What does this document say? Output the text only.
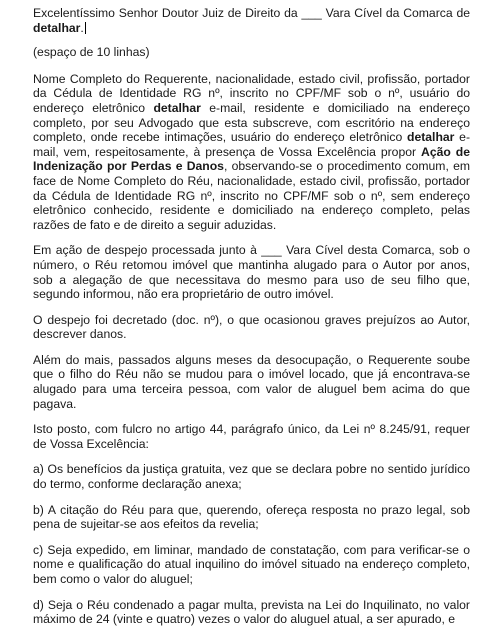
Excelentíssimo Senhor Doutor Juiz de Direito da ___ Vara Cível da Comarca de detalhar.

(espaço de 10 linhas)

Nome Completo do Requerente, nacionalidade, estado civil, profissão, portador da Cédula de Identidade RG nº, inscrito no CPF/MF sob o nº, usuário do endereço eletrônico detalhar e-mail, residente e domiciliado na endereço completo, por seu Advogado que esta subscreve, com escritório na endereço completo, onde recebe intimações, usuário do endereço eletrônico detalhar e-mail, vem, respeitosamente, à presença de Vossa Excelência propor Ação de Indenização por Perdas e Danos, observando-se o procedimento comum, em face de Nome Completo do Réu, nacionalidade, estado civil, profissão, portador da Cédula de Identidade RG nº, inscrito no CPF/MF sob o nº, sem endereço eletrônico conhecido, residente e domiciliado na endereço completo, pelas razões de fato e de direito a seguir aduzidas.

Em ação de despejo processada junto à ___ Vara Cível desta Comarca, sob o número, o Réu retomou imóvel que mantinha alugado para o Autor por anos, sob a alegação de que necessitava do mesmo para uso de seu filho que, segundo informou, não era proprietário de outro imóvel.

O despejo foi decretado (doc. nº), o que ocasionou graves prejuízos ao Autor, descrever danos.

Além do mais, passados alguns meses da desocupação, o Requerente soube que o filho do Réu não se mudou para o imóvel locado, que já encontrava-se alugado para uma terceira pessoa, com valor de aluguel bem acima do que pagava.

Isto posto, com fulcro no artigo 44, parágrafo único, da Lei nº 8.245/91, requer de Vossa Excelência:

a) Os benefícios da justiça gratuita, vez que se declara pobre no sentido jurídico do termo, conforme declaração anexa;

b) A citação do Réu para que, querendo, ofereça resposta no prazo legal, sob pena de sujeitar-se aos efeitos da revelia;

c) Seja expedido, em liminar, mandado de constatação, com para verificar-se o nome e qualificação do atual inquilino do imóvel situado na endereço completo, bem como o valor do aluguel;

d) Seja o Réu condenado a pagar multa, prevista na Lei do Inquilinato, no valor máximo de 24 (vinte e quatro) vezes o valor do aluguel atual, a ser apurado, e
